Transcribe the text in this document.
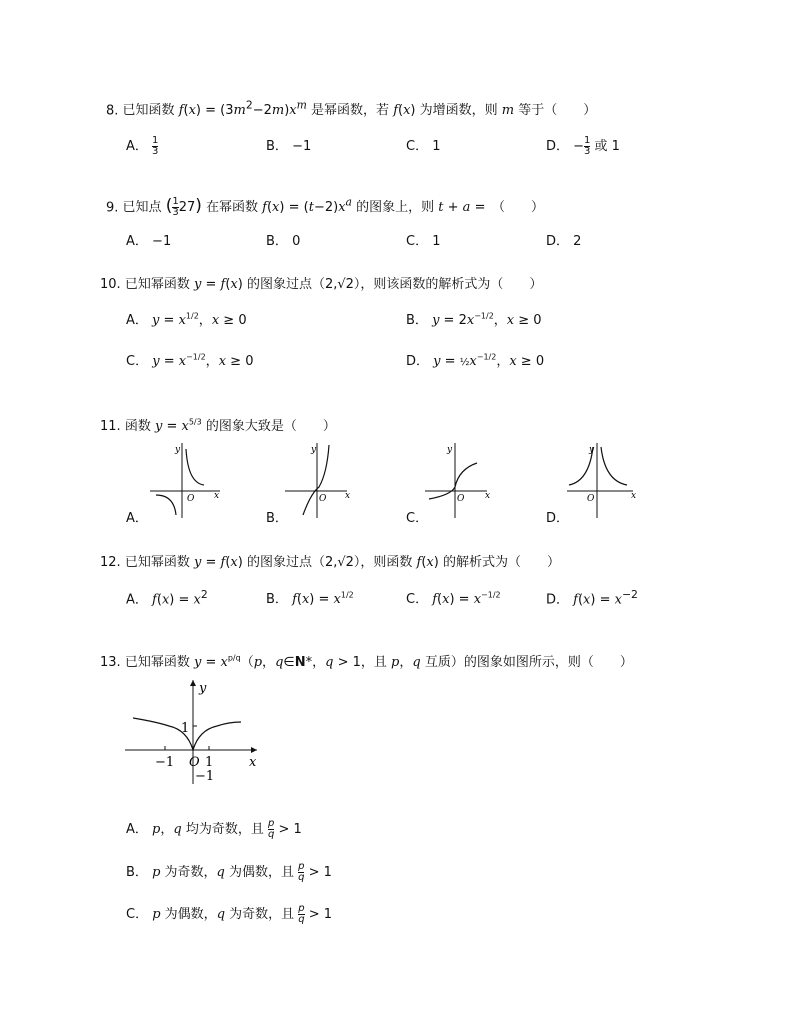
8. 已知函数 $f(x) = (3m^2-2m)x^m$ 是幂函数，若 f(x) 为增函数，则 m 等于（　　）
A． 1

3	B． −1	C． 1	D． −1

3 或 1
9. 已知点 (1

3 27) 在幂函数 $f(x) = (t-2)x^a$ 的图象上，则 t + a =　（　　）
A． −1	B． 0	C． 1	D． 2
10. 已知幂函数 y = f(x) 的图象过点（2,√2），则该函数的解析式为（　　）
A． $y = x^{1/2}$，x ≥ 0	B． $y = 2x^{-1/2}$，x ≥ 0
C． $y = x^{-1/2}$，x ≥ 0	D． $y = \frac{1}{2}x^{-1/2}$，x ≥ 0
11. 函数 $y = x^{5/3}$ 的图象大致是（　　）
y
x
O
A．
y
x
O
B．
y
x
O
C．
y
x
O
D．
12. 已知幂函数 y = f(x) 的图象过点（2,√2），则函数 f(x) 的解析式为（　　）
A． $f(x) = x^2$	B． $f(x) = x^{1/2}$	C． $f(x) = x^{-1/2}$	D． $f(x) = x^{-2}$
13. 已知幂函数 $y = x^{p/q}(p$，q∈N*，q > 1，且 p，q 互质）的图象如图所示，则（　　）
y
x
O 1
−1
−1
1
A． p，q 均为奇数，且 $\frac{p}{q} > 1$
B． p 为奇数，q 为偶数，且 $\frac{p}{q} > 1$
C． p 为偶数，q 为奇数，且 $\frac{p}{q} > 1$
